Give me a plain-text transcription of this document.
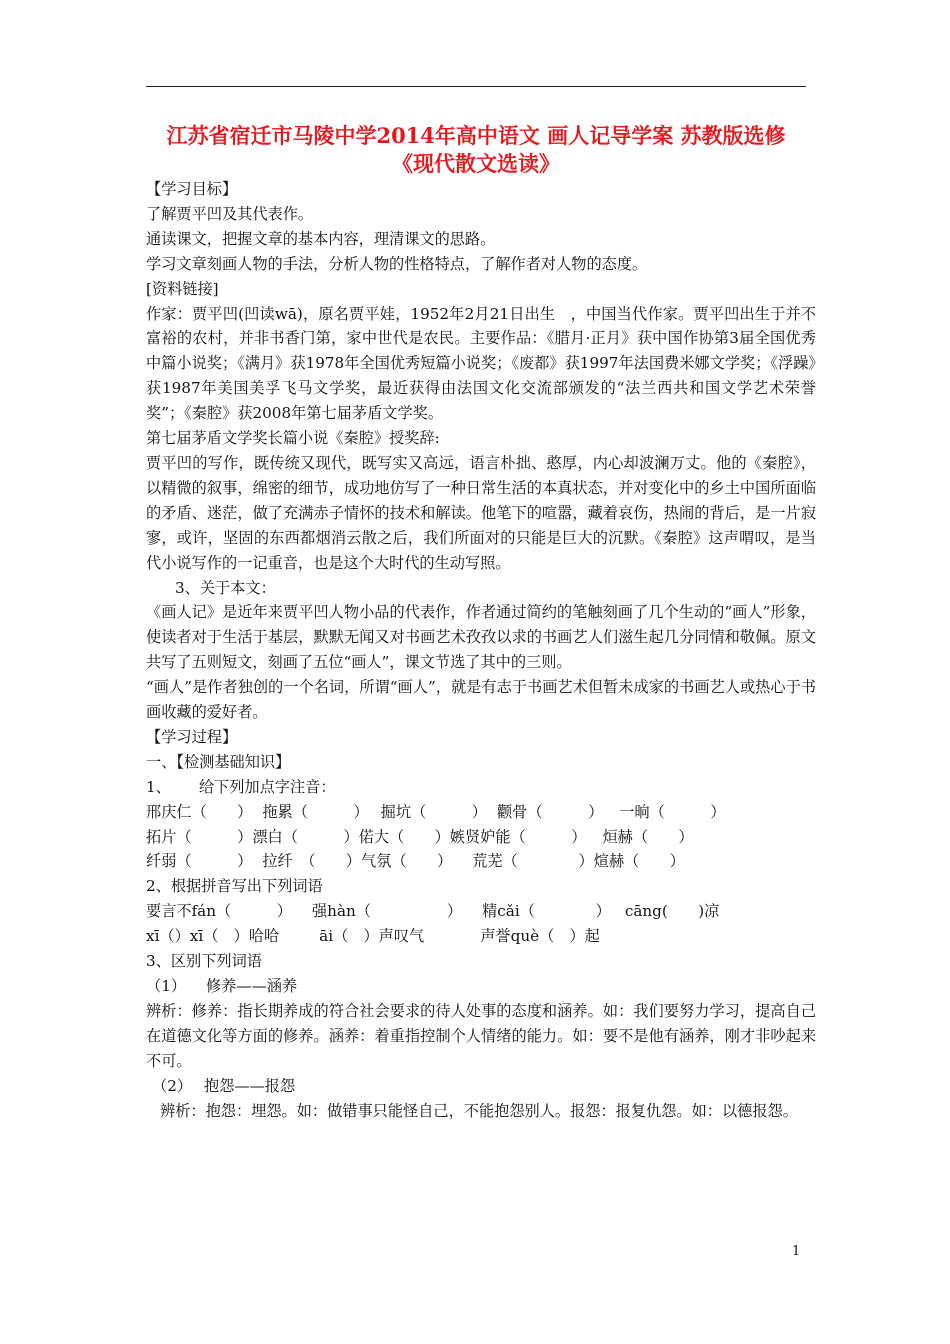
江苏省宿迁市马陵中学2014年高中语文 画人记导学案 苏教版选修
《现代散文选读》

【学习目标】

了解贾平凹及其代表作。

通读课文，把握文章的基本内容，理清课文的思路。

学习文章刻画人物的手法，分析人物的性格特点，了解作者对人物的态度。

[资料链接]

作家：贾平凹(凹读wā)，原名贾平娃，1952年2月21日出生　，中国当代作家。贾平凹出生于并不富裕的农村，并非书香门第，家中世代是农民。主要作品：《腊月·正月》获中国作协第3届全国优秀中篇小说奖；《满月》获1978年全国优秀短篇小说奖；《废都》获1997年法国费米娜文学奖；《浮躁》获1987年美国美孚飞马文学奖，最近获得由法国文化交流部颁发的“法兰西共和国文学艺术荣誉奖”；《秦腔》获2008年第七届茅盾文学奖。

第七届茅盾文学奖长篇小说《秦腔》授奖辞:

贾平凹的写作，既传统又现代，既写实又高远，语言朴拙、憨厚，内心却波澜万丈。他的《秦腔》，以精微的叙事，绵密的细节，成功地仿写了一种日常生活的本真状态，并对变化中的乡土中国所面临的矛盾、迷茫，做了充满赤子情怀的技术和解读。他笔下的喧嚣，藏着哀伤，热闹的背后，是一片寂寥，或许，坚固的东西都烟消云散之后，我们所面对的只能是巨大的沉默。《秦腔》这声喟叹，是当代小说写作的一记重音，也是这个大时代的生动写照。

3、关于本文：

《画人记》是近年来贾平凹人物小品的代表作，作者通过简约的笔触刻画了几个生动的“画人”形象，使读者对于生活于基层，默默无闻又对书画艺术孜孜以求的书画艺人们滋生起几分同情和敬佩。原文共写了五则短文，刻画了五位“画人”，课文节选了其中的三则。

“画人”是作者独创的一个名词，所谓“画人”，就是有志于书画艺术但暂未成家的书画艺人或热心于书画收藏的爱好者。

【学习过程】

一、【检测基础知识】

1、 给下列加点字注音：

邢庆仁（　　） 拖累（　　　） 掘坑（　　　） 颧骨（　　　） 一晌（　　　）

拓片（　　　）漂白（　　　）偌大（　　）嫉贤妒能（　　　） 烜赫（　　）

纤弱（　　　） 拉纤　（　　）气氛（　　） 荒芜（　　　　）煊赫（　　）

2、根据拼音写出下列词语

要言不fán（　　　） 强hàn（　　　　　） 精cǎi（　　　　） cāng(　　)凉

xī（）xī（　）哈哈	āi（　）声叹气	声誉què（　）起

3、区别下列词语

（1） 修养——涵养

辨析：修养：指长期养成的符合社会要求的待人处事的态度和涵养。如：我们要努力学习，提高自己在道德文化等方面的修养。涵养：着重指控制个人情绪的能力。如：要不是他有涵养，刚才非吵起来不可。

（2） 抱怨——报怨

辨析：抱怨：埋怨。如：做错事只能怪自己，不能抱怨别人。报怨：报复仇怨。如：以德报怨。

1
